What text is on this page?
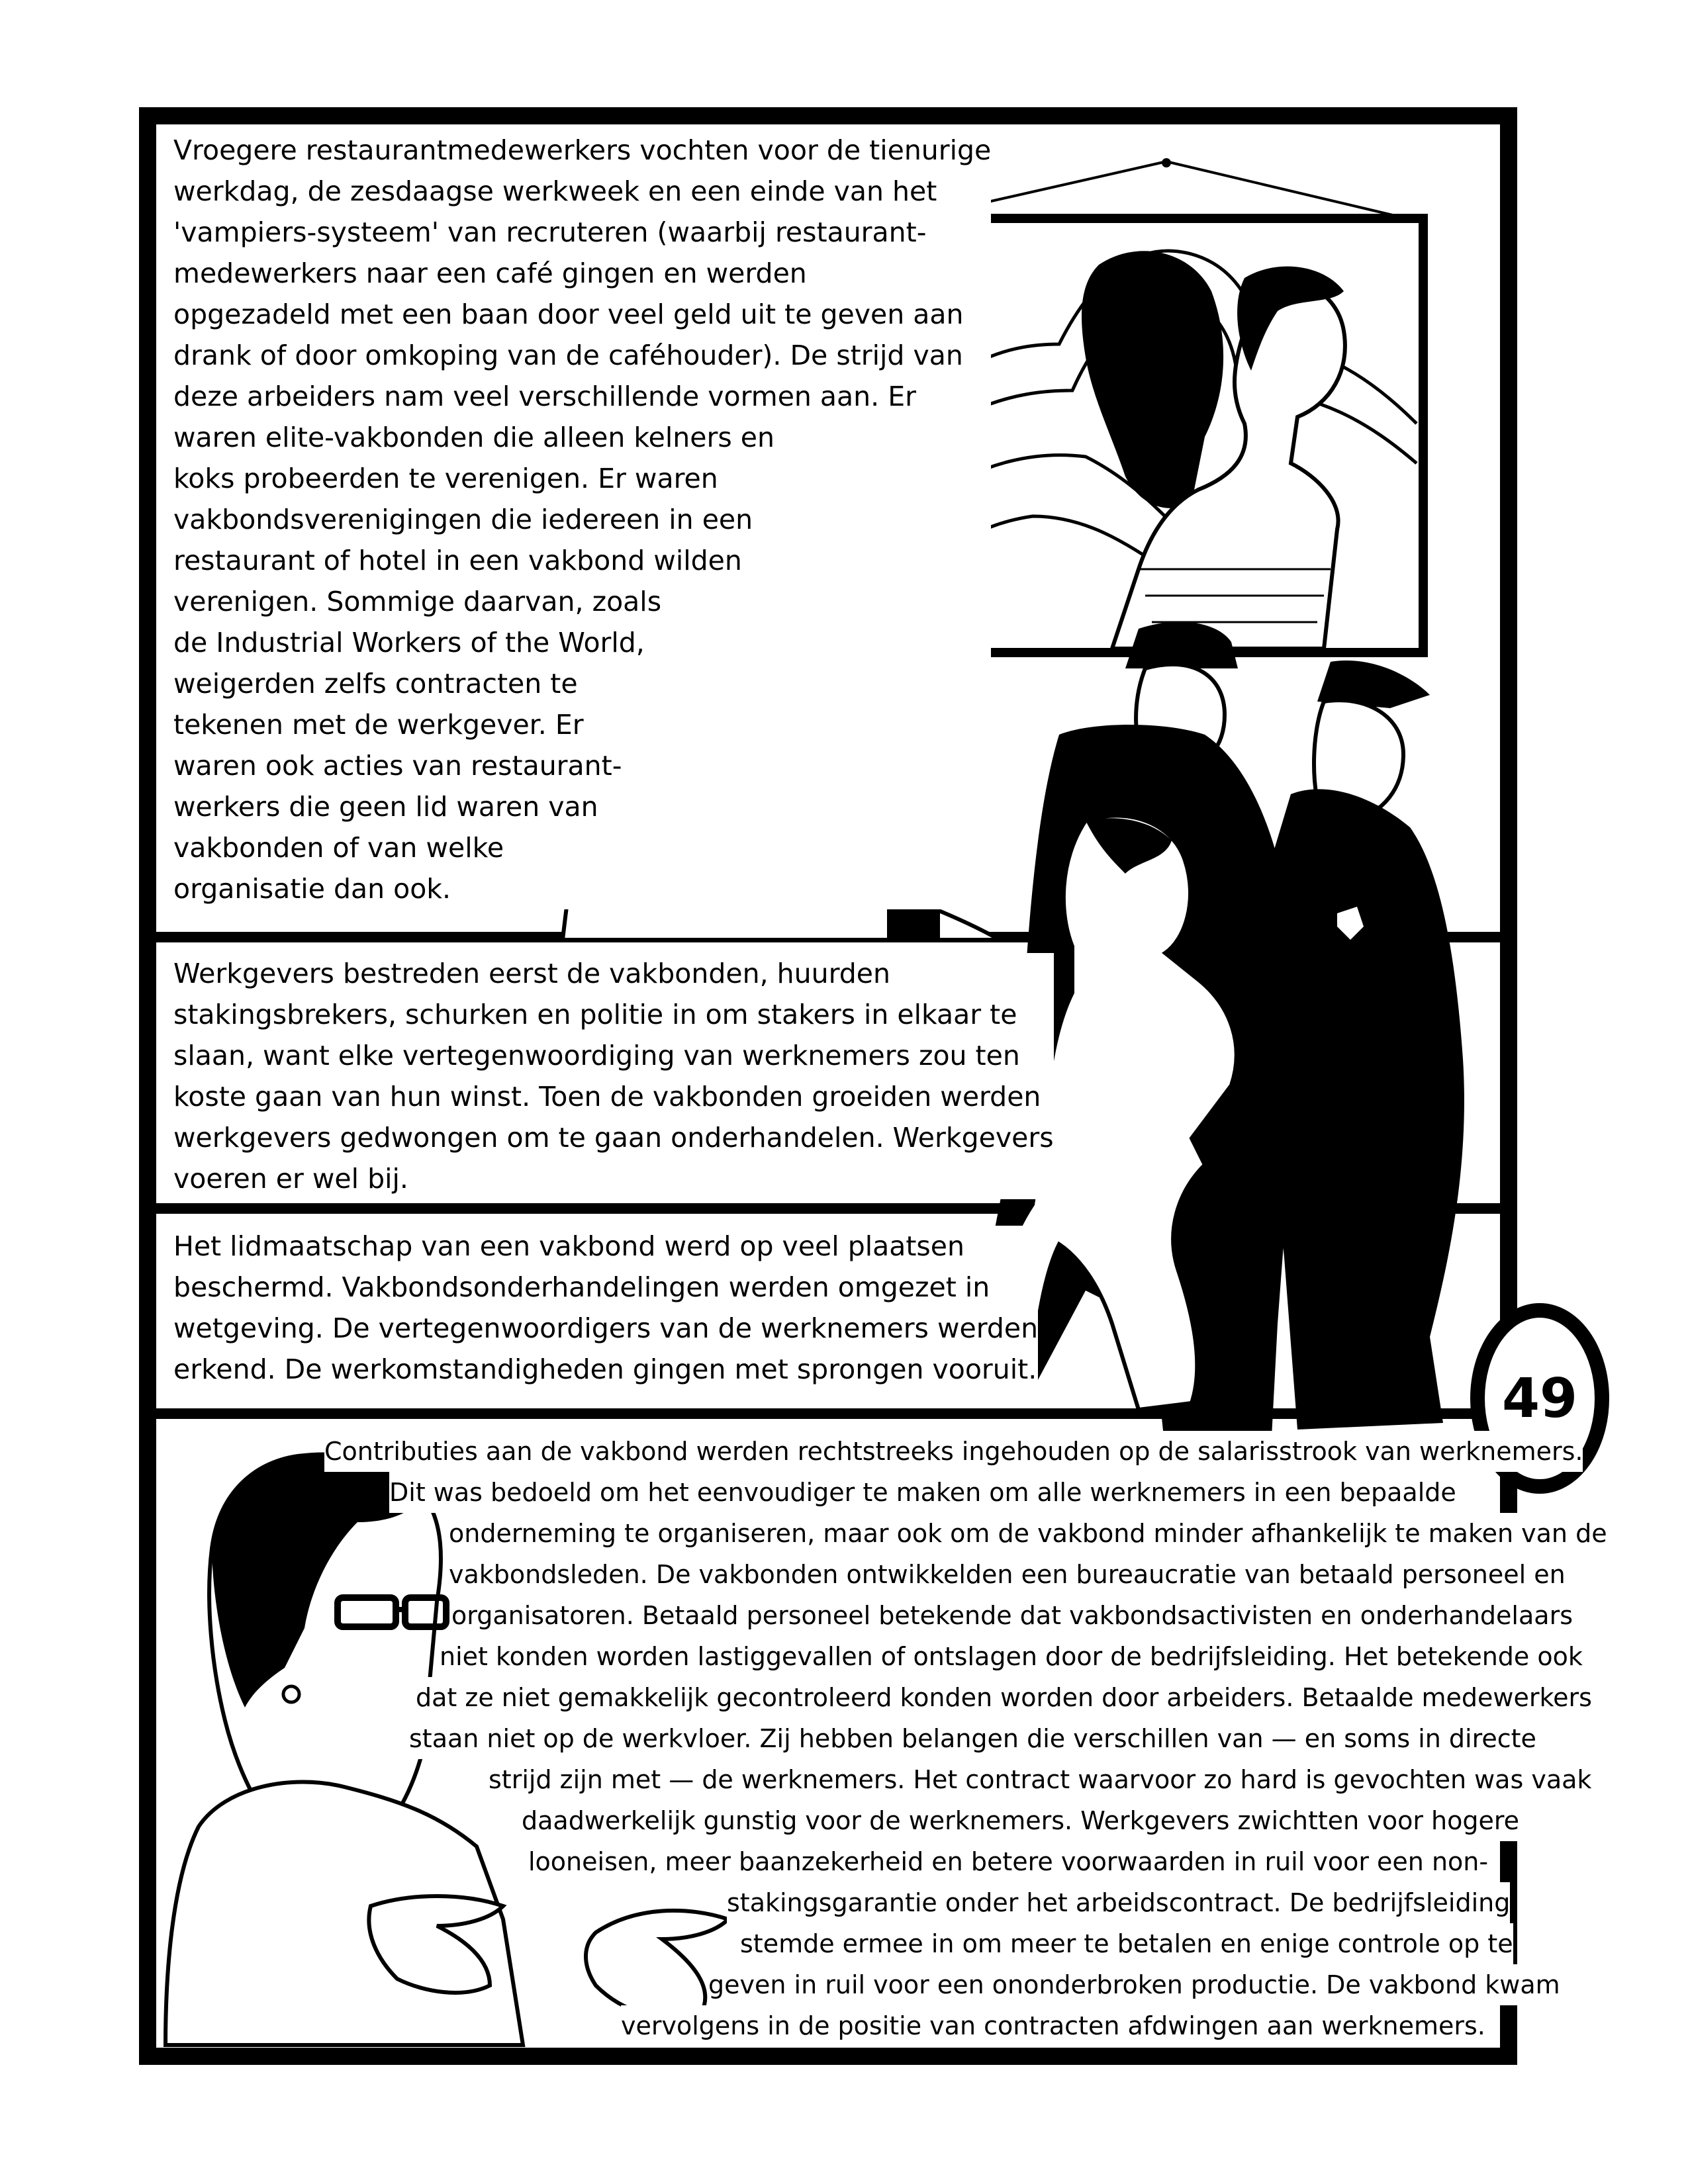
Vroegere restaurantmedewerkers vochten voor de tienurige
werkdag, de zesdaagse werkweek en een einde van het
'vampiers-systeem' van recruteren (waarbij restaurant-
medewerkers naar een café gingen en werden
opgezadeld met een baan door veel geld uit te geven aan
drank of door omkoping van de caféhouder). De strijd van
deze arbeiders nam veel verschillende vormen aan. Er
waren elite-vakbonden die alleen kelners en
koks probeerden te verenigen. Er waren
vakbondsverenigingen die iedereen in een
restaurant of hotel in een vakbond wilden
verenigen. Sommige daarvan, zoals
de Industrial Workers of the World,
weigerden zelfs contracten te
tekenen met de werkgever. Er
waren ook acties van restaurant-
werkers die geen lid waren van
vakbonden of van welke
organisatie dan ook.
Werkgevers bestreden eerst de vakbonden, huurden
stakingsbrekers, schurken en politie in om stakers in elkaar te
slaan, want elke vertegenwoordiging van werknemers zou ten
koste gaan van hun winst. Toen de vakbonden groeiden werden
werkgevers gedwongen om te gaan onderhandelen. Werkgevers
voeren er wel bij.
Het lidmaatschap van een vakbond werd op veel plaatsen
beschermd. Vakbondsonderhandelingen werden omgezet in
wetgeving. De vertegenwoordigers van de werknemers werden
erkend. De werkomstandigheden gingen met sprongen vooruit.
Contributies aan de vakbond werden rechtstreeks ingehouden op de salarisstrook van werknemers.
Dit was bedoeld om het eenvoudiger te maken om alle werknemers in een bepaalde
onderneming te organiseren, maar ook om de vakbond minder afhankelijk te maken van de
vakbondsleden. De vakbonden ontwikkelden een bureaucratie van betaald personeel en
organisatoren. Betaald personeel betekende dat vakbondsactivisten en onderhandelaars
niet konden worden lastiggevallen of ontslagen door de bedrijfsleiding. Het betekende ook
dat ze niet gemakkelijk gecontroleerd konden worden door arbeiders. Betaalde medewerkers
staan niet op de werkvloer. Zij hebben belangen die verschillen van — en soms in directe
strijd zijn met — de werknemers. Het contract waarvoor zo hard is gevochten was vaak
daadwerkelijk gunstig voor de werknemers. Werkgevers zwichtten voor hogere
looneisen, meer baanzekerheid en betere voorwaarden in ruil voor een non-
stakingsgarantie onder het arbeidscontract. De bedrijfsleiding
stemde ermee in om meer te betalen en enige controle op te
geven in ruil voor een ononderbroken productie. De vakbond kwam
vervolgens in de positie van contracten afdwingen aan werknemers.
49
